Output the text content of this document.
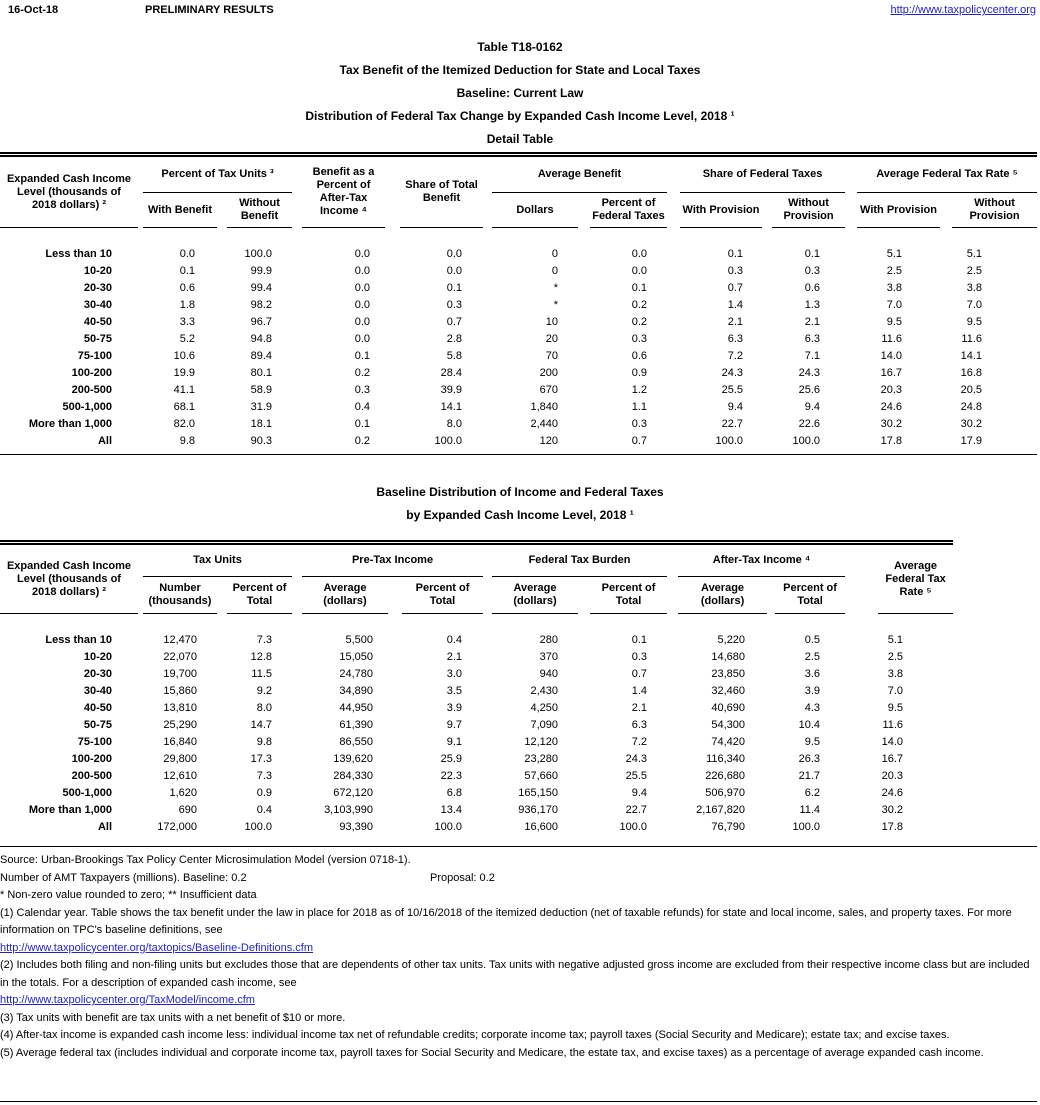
16-Oct-18	PRELIMINARY RESULTS	http://www.taxpolicycenter.org
Table T18-0162
Tax Benefit of the Itemized Deduction for State and Local Taxes
Baseline: Current Law
Distribution of Federal Tax Change by Expanded Cash Income Level, 2018 ¹
Detail Table
Expanded Cash Income Level (thousands of 2018 dollars) ²		Percent of Tax Units ³				Benefit as a Percent of After-Tax Income ⁴		Share of Total Benefit		Average Benefit				Share of Federal Taxes				Average Federal Tax Rate ⁵		
		With Benefit		Without Benefit						Dollars		Percent of Federal Taxes		With Provision		Without Provision		With Provision		Without Provision

Less than 10		0.0		100.0		0.0		0.0		0		0.0		0.1		0.1		5.1		5.1
10-20		0.1		99.9		0.0		0.0		0		0.0		0.3		0.3		2.5		2.5
20-30		0.6		99.4		0.0		0.1		*		0.1		0.7		0.6		3.8		3.8
30-40		1.8		98.2		0.0		0.3		*		0.2		1.4		1.3		7.0		7.0
40-50		3.3		96.7		0.0		0.7		10		0.2		2.1		2.1		9.5		9.5
50-75		5.2		94.8		0.0		2.8		20		0.3		6.3		6.3		11.6		11.6
75-100		10.6		89.4		0.1		5.8		70		0.6		7.2		7.1		14.0		14.1
100-200		19.9		80.1		0.2		28.4		200		0.9		24.3		24.3		16.7		16.8
200-500		41.1		58.9		0.3		39.9		670		1.2		25.5		25.6		20.3		20.5
500-1,000		68.1		31.9		0.4		14.1		1,840		1.1		9.4		9.4		24.6		24.8
More than 1,000		82.0		18.1		0.1		8.0		2,440		0.3		22.7		22.6		30.2		30.2
All		9.8		90.3		0.2		100.0		120		0.7		100.0		100.0		17.8		17.9

Baseline Distribution of Income and Federal Taxes
by Expanded Cash Income Level, 2018 ¹
Expanded Cash Income Level (thousands of 2018 dollars) ²		Tax Units				Pre-Tax Income				Federal Tax Burden				After-Tax Income ⁴				Average Federal Tax Rate ⁵
		Number (thousands)		Percent of Total		Average (dollars)		Percent of Total		Average (dollars)		Percent of Total		Average (dollars)		Percent of Total		

Less than 10		12,470		7.3		5,500		0.4		280		0.1		5,220		0.5		5.1
10-20		22,070		12.8		15,050		2.1		370		0.3		14,680		2.5		2.5
20-30		19,700		11.5		24,780		3.0		940		0.7		23,850		3.6		3.8
30-40		15,860		9.2		34,890		3.5		2,430		1.4		32,460		3.9		7.0
40-50		13,810		8.0		44,950		3.9		4,250		2.1		40,690		4.3		9.5
50-75		25,290		14.7		61,390		9.7		7,090		6.3		54,300		10.4		11.6
75-100		16,840		9.8		86,550		9.1		12,120		7.2		74,420		9.5		14.0
100-200		29,800		17.3		139,620		25.9		23,280		24.3		116,340		26.3		16.7
200-500		12,610		7.3		284,330		22.3		57,660		25.5		226,680		21.7		20.3
500-1,000		1,620		0.9		672,120		6.8		165,150		9.4		506,970		6.2		24.6
More than 1,000		690		0.4		3,103,990		13.4		936,170		22.7		2,167,820		11.4		30.2
All		172,000		100.0		93,390		100.0		16,600		100.0		76,790		100.0		17.8

Source: Urban-Brookings Tax Policy Center Microsimulation Model (version 0718-1).
Number of AMT Taxpayers (millions). Baseline: 0.2	Proposal: 0.2
* Non-zero value rounded to zero; ** Insufficient data
(1) Calendar year. Table shows the tax benefit under the law in place for 2018 as of 10/16/2018 of the itemized deduction (net of taxable refunds) for state and local income, sales, and property taxes. For more information on TPC's baseline definitions, see
http://www.taxpolicycenter.org/taxtopics/Baseline-Definitions.cfm
(2) Includes both filing and non-filing units but excludes those that are dependents of other tax units. Tax units with negative adjusted gross income are excluded from their respective income class but are included in the totals. For a description of expanded cash income, see
http://www.taxpolicycenter.org/TaxModel/income.cfm
(3) Tax units with benefit are tax units with a net benefit of $10 or more.
(4) After-tax income is expanded cash income less: individual income tax net of refundable credits; corporate income tax; payroll taxes (Social Security and Medicare); estate tax; and excise taxes.
(5) Average federal tax (includes individual and corporate income tax, payroll taxes for Social Security and Medicare, the estate tax, and excise taxes) as a percentage of average expanded cash income.
